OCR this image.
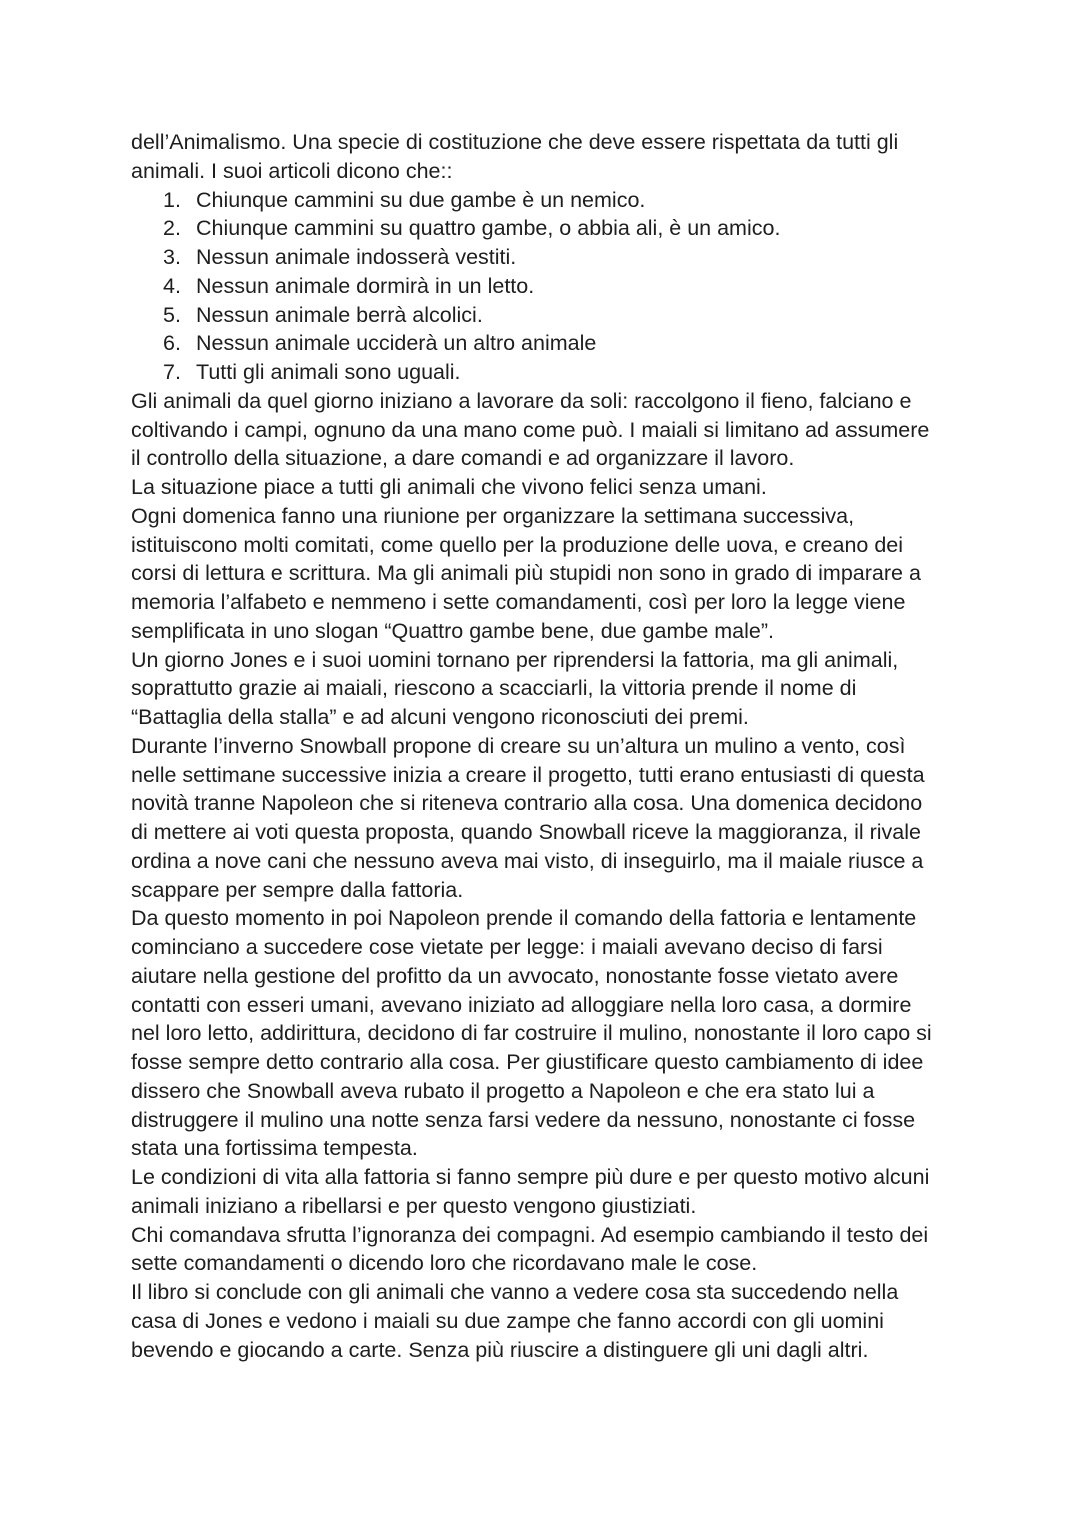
dell’Animalismo. Una specie di costituzione che deve essere rispettata da tutti gli
animali. I suoi articoli dicono che::
1. Chiunque cammini su due gambe è un nemico.
2. Chiunque cammini su quattro gambe, o abbia ali, è un amico.
3. Nessun animale indosserà vestiti.
4. Nessun animale dormirà in un letto.
5. Nessun animale berrà alcolici.
6. Nessun animale ucciderà un altro animale
7. Tutti gli animali sono uguali.
Gli animali da quel giorno iniziano a lavorare da soli: raccolgono il fieno, falciano e
coltivando i campi, ognuno da una mano come può. I maiali si limitano ad assumere
il controllo della situazione, a dare comandi e ad organizzare il lavoro.
La situazione piace a tutti gli animali che vivono felici senza umani.
Ogni domenica fanno una riunione per organizzare la settimana successiva,
istituiscono molti comitati, come quello per la produzione delle uova, e creano dei
corsi di lettura e scrittura. Ma gli animali più stupidi non sono in grado di imparare a
memoria l’alfabeto e nemmeno i sette comandamenti, così per loro la legge viene
semplificata in uno slogan “Quattro gambe bene, due gambe male”.
Un giorno Jones e i suoi uomini tornano per riprendersi la fattoria, ma gli animali,
soprattutto grazie ai maiali, riescono a scacciarli, la vittoria prende il nome di
“Battaglia della stalla” e ad alcuni vengono riconosciuti dei premi.
Durante l’inverno Snowball propone di creare su un’altura un mulino a vento, così
nelle settimane successive inizia a creare il progetto, tutti erano entusiasti di questa
novità tranne Napoleon che si riteneva contrario alla cosa. Una domenica decidono
di mettere ai voti questa proposta, quando Snowball riceve la maggioranza, il rivale
ordina a nove cani che nessuno aveva mai visto, di inseguirlo, ma il maiale riusce a
scappare per sempre dalla fattoria.
Da questo momento in poi Napoleon prende il comando della fattoria e lentamente
cominciano a succedere cose vietate per legge: i maiali avevano deciso di farsi
aiutare nella gestione del profitto da un avvocato, nonostante fosse vietato avere
contatti con esseri umani, avevano iniziato ad alloggiare nella loro casa, a dormire
nel loro letto, addirittura, decidono di far costruire il mulino, nonostante il loro capo si
fosse sempre detto contrario alla cosa. Per giustificare questo cambiamento di idee
dissero che Snowball aveva rubato il progetto a Napoleon e che era stato lui a
distruggere il mulino una notte senza farsi vedere da nessuno, nonostante ci fosse
stata una fortissima tempesta.
Le condizioni di vita alla fattoria si fanno sempre più dure e per questo motivo alcuni
animali iniziano a ribellarsi e per questo vengono giustiziati.
Chi comandava sfrutta l’ignoranza dei compagni. Ad esempio cambiando il testo dei
sette comandamenti o dicendo loro che ricordavano male le cose.
Il libro si conclude con gli animali che vanno a vedere cosa sta succedendo nella
casa di Jones e vedono i maiali su due zampe che fanno accordi con gli uomini
bevendo e giocando a carte. Senza più riuscire a distinguere gli uni dagli altri.
